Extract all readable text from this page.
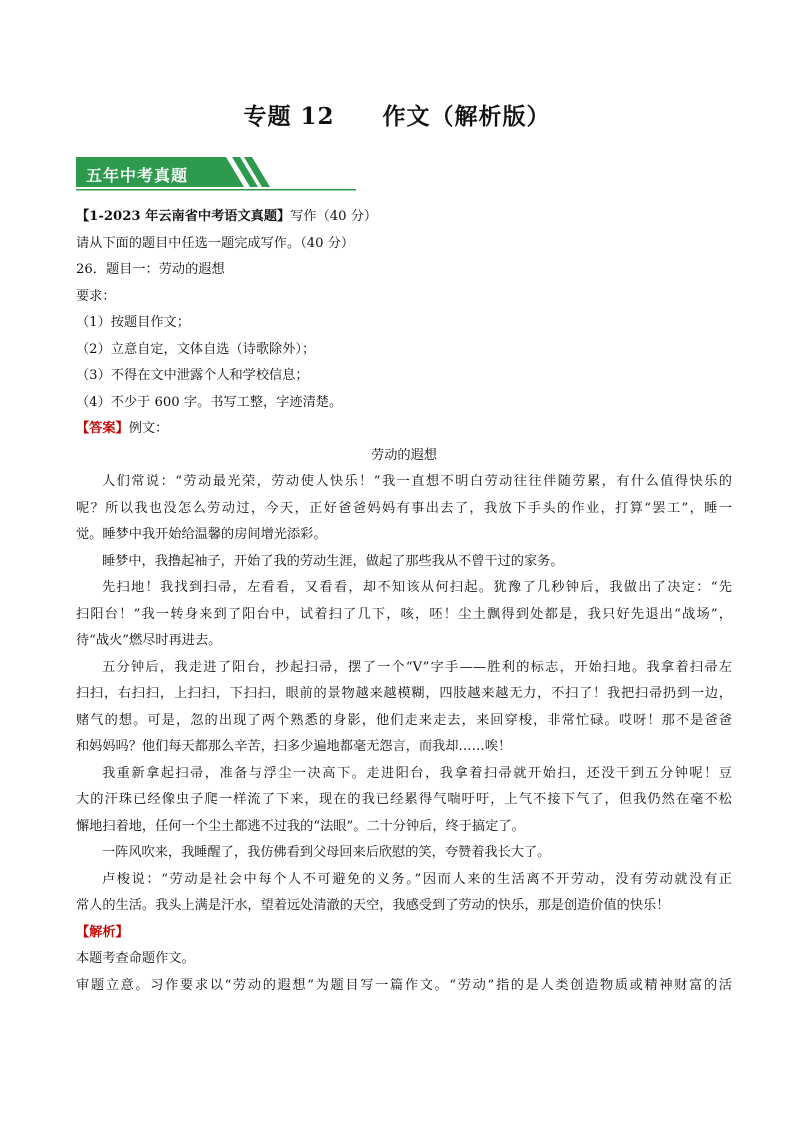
专题 12　　作文（解析版）
五年中考真题
【1-2023 年云南省中考语文真题】写作（40 分）
请从下面的题目中任选一题完成写作。（40 分）
26．题目一：劳动的遐想
要求：
（1）按题目作文；
（2）立意自定，文体自选（诗歌除外）；
（3）不得在文中泄露个人和学校信息；
（4）不少于 600 字。书写工整，字迹清楚。
【答案】例文：
劳动的遐想
人们常说：“劳动最光荣，劳动使人快乐！”我一直想不明白劳动往往伴随劳累，有什么值得快乐的
呢？所以我也没怎么劳动过，今天，正好爸爸妈妈有事出去了，我放下手头的作业，打算“罢工”，睡一
觉。睡梦中我开始给温馨的房间增光添彩。
睡梦中，我撸起袖子，开始了我的劳动生涯，做起了那些我从不曾干过的家务。
先扫地！我找到扫帚，左看看，又看看，却不知该从何扫起。犹豫了几秒钟后，我做出了决定：“先
扫阳台！”我一转身来到了阳台中，试着扫了几下，咳，呸！尘土飘得到处都是，我只好先退出“战场”，
待“战火”燃尽时再进去。
五分钟后，我走进了阳台，抄起扫帚，摆了一个“V”字手——胜利的标志，开始扫地。我拿着扫帚左
扫扫，右扫扫，上扫扫，下扫扫，眼前的景物越来越模糊，四肢越来越无力，不扫了！我把扫帚扔到一边，
赌气的想。可是，忽的出现了两个熟悉的身影，他们走来走去，来回穿梭，非常忙碌。哎呀！那不是爸爸
和妈妈吗？他们每天都那么辛苦，扫多少遍地都毫无怨言，而我却……唉！
我重新拿起扫帚，准备与浮尘一决高下。走进阳台，我拿着扫帚就开始扫，还没干到五分钟呢！豆
大的汗珠已经像虫子爬一样流了下来，现在的我已经累得气喘吁吁，上气不接下气了，但我仍然在毫不松
懈地扫着地，任何一个尘土都逃不过我的“法眼”。二十分钟后，终于搞定了。
一阵风吹来，我睡醒了，我仿佛看到父母回来后欣慰的笑，夸赞着我长大了。
卢梭说：“劳动是社会中每个人不可避免的义务。”因而人来的生活离不开劳动，没有劳动就没有正
常人的生活。我头上满是汗水，望着远处清澈的天空，我感受到了劳动的快乐，那是创造价值的快乐！
【解析】
本题考查命题作文。
审题立意。习作要求以“劳动的遐想”为题目写一篇作文。“劳动”指的是人类创造物质或精神财富的活
